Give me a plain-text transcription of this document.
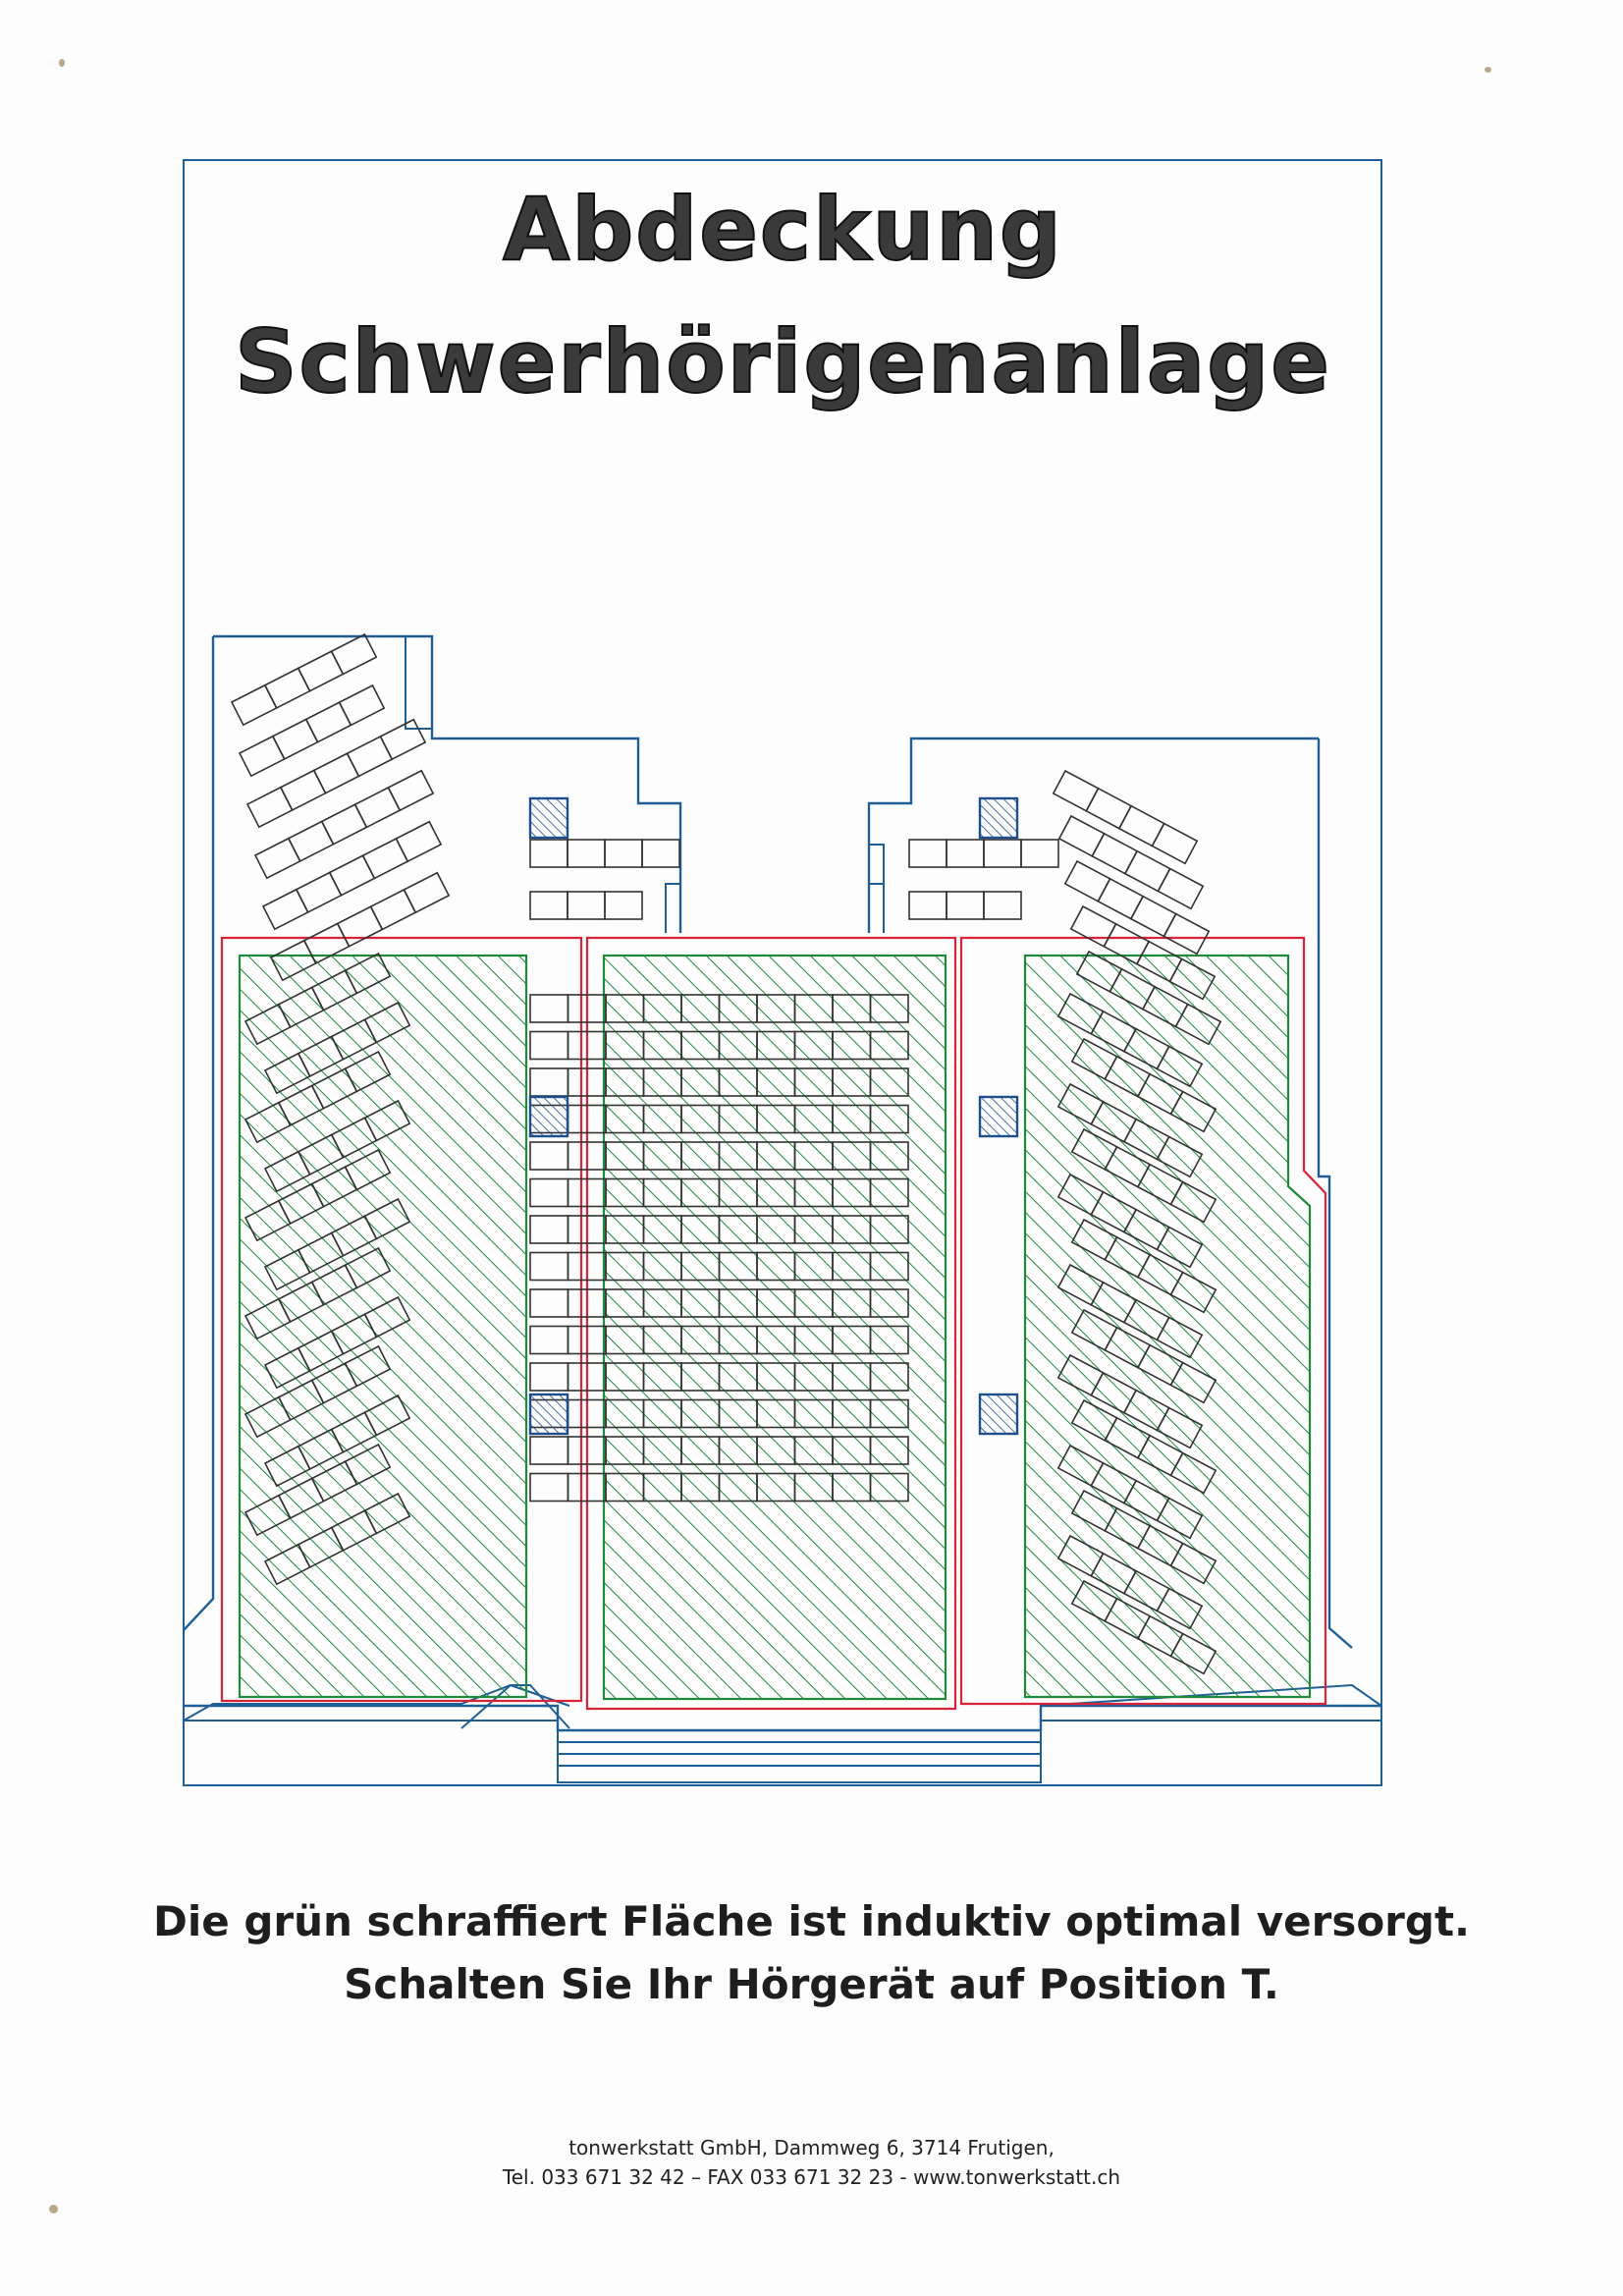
Abdeckung
Schwerhörigenanlage
Die grün schraffiert Fläche ist induktiv optimal versorgt.
Schalten Sie Ihr Hörgerät auf Position T.
tonwerkstatt GmbH, Dammweg 6, 3714 Frutigen,
Tel. 033 671 32 42 – FAX 033 671 32 23 - www.tonwerkstatt.ch
